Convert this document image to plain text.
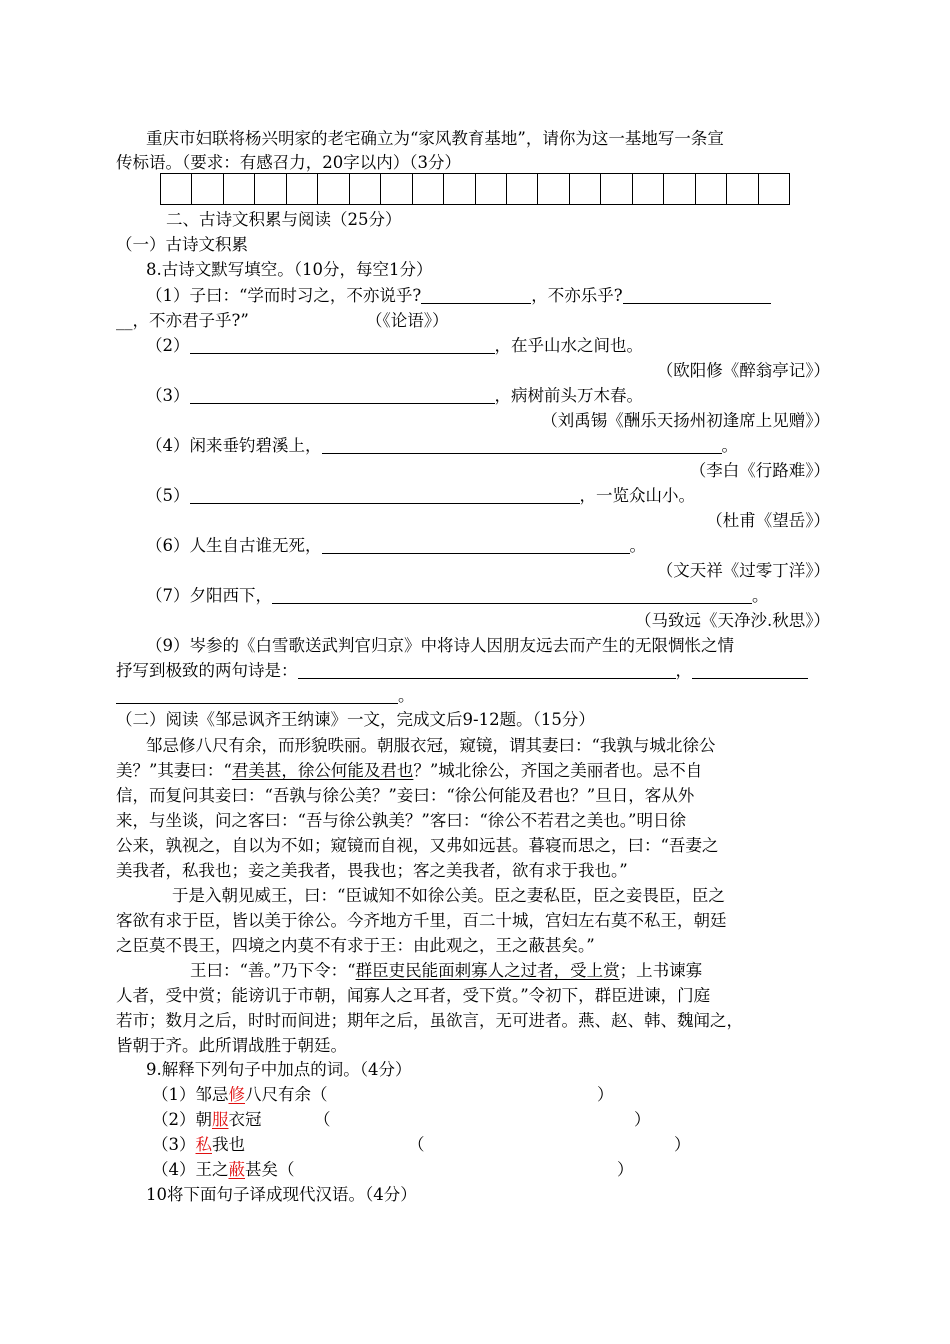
重庆市妇联将杨兴明家的老宅确立为“家风教育基地”，请你为这一基地写一条宣
传标语。（要求：有感召力，20字以内）（3分）
二、古诗文积累与阅读（25分）
（一）古诗文积累
8.古诗文默写填空。（10分，每空1分）
（1）子曰：“学而时习之，不亦说乎?	，不亦乐乎?
__，不亦君子乎?”	（《论语》）
（2）	，在乎山水之间也。
（欧阳修《醉翁亭记》）
（3）	，病树前头万木春。
（刘禹锡《酬乐天扬州初逢席上见赠》）
（4）闲来垂钓碧溪上，	。
（李白《行路难》）
（5）	，一览众山小。
（杜甫《望岳》）
（6）人生自古谁无死，	。
（文天祥《过零丁洋》）
（7）夕阳西下，	。
（马致远《天净沙.秋思》）
（9）岑参的《白雪歌送武判官归京》中将诗人因朋友远去而产生的无限惆怅之情
抒写到极致的两句诗是：	，
。
（二）阅读《邹忌讽齐王纳谏》一文，完成文后9-12题。（15分）
邹忌修八尺有余，而形貌昳丽。朝服衣冠，窥镜，谓其妻曰：“我孰与城北徐公
美？”其妻曰：“君美甚，徐公何能及君也？”城北徐公，齐国之美丽者也。忌不自
信，而复问其妾曰：“吾孰与徐公美？”妾曰：“徐公何能及君也？”旦日，客从外
来，与坐谈，问之客曰：“吾与徐公孰美？”客曰：“徐公不若君之美也。”明日徐
公来，孰视之，自以为不如；窥镜而自视，又弗如远甚。暮寝而思之，曰：“吾妻之
美我者，私我也；妾之美我者，畏我也；客之美我者，欲有求于我也。”
于是入朝见威王，曰：“臣诚知不如徐公美。臣之妻私臣，臣之妾畏臣，臣之
客欲有求于臣，皆以美于徐公。今齐地方千里，百二十城，宫妇左右莫不私王，朝廷
之臣莫不畏王，四境之内莫不有求于王：由此观之，王之蔽甚矣。”
王曰：“善。”乃下令：“群臣吏民能面刺寡人之过者，受上赏；上书谏寡
人者，受中赏；能谤讥于市朝，闻寡人之耳者，受下赏。”令初下，群臣进谏，门庭
若市；数月之后，时时而间进；期年之后，虽欲言，无可进者。燕、赵、韩、魏闻之，
皆朝于齐。此所谓战胜于朝廷。
9.解释下列句子中加点的词。（4分）
（1）邹忌修八尺有余（	）
（2）朝服衣冠	（	）
（3）私我也	（	）
（4）王之蔽甚矣（	）
10将下面句子译成现代汉语。（4分）
